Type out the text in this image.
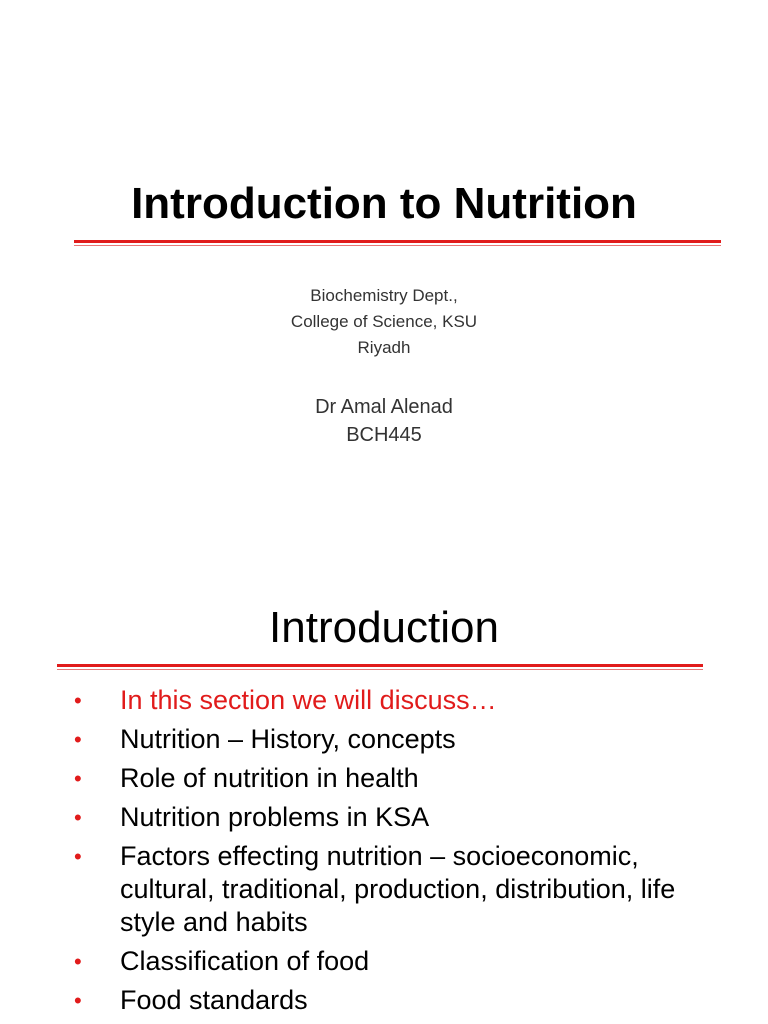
Introduction to Nutrition
Biochemistry Dept.,
College of Science, KSU
Riyadh
Dr Amal Alenad
BCH445
Introduction
• In this section we will discuss…
• Nutrition – History, concepts
• Role of nutrition in health
• Nutrition problems in KSA
• Factors effecting nutrition – socioeconomic, cultural, traditional, production, distribution, life style and habits
• Classification of food
• Food standards
